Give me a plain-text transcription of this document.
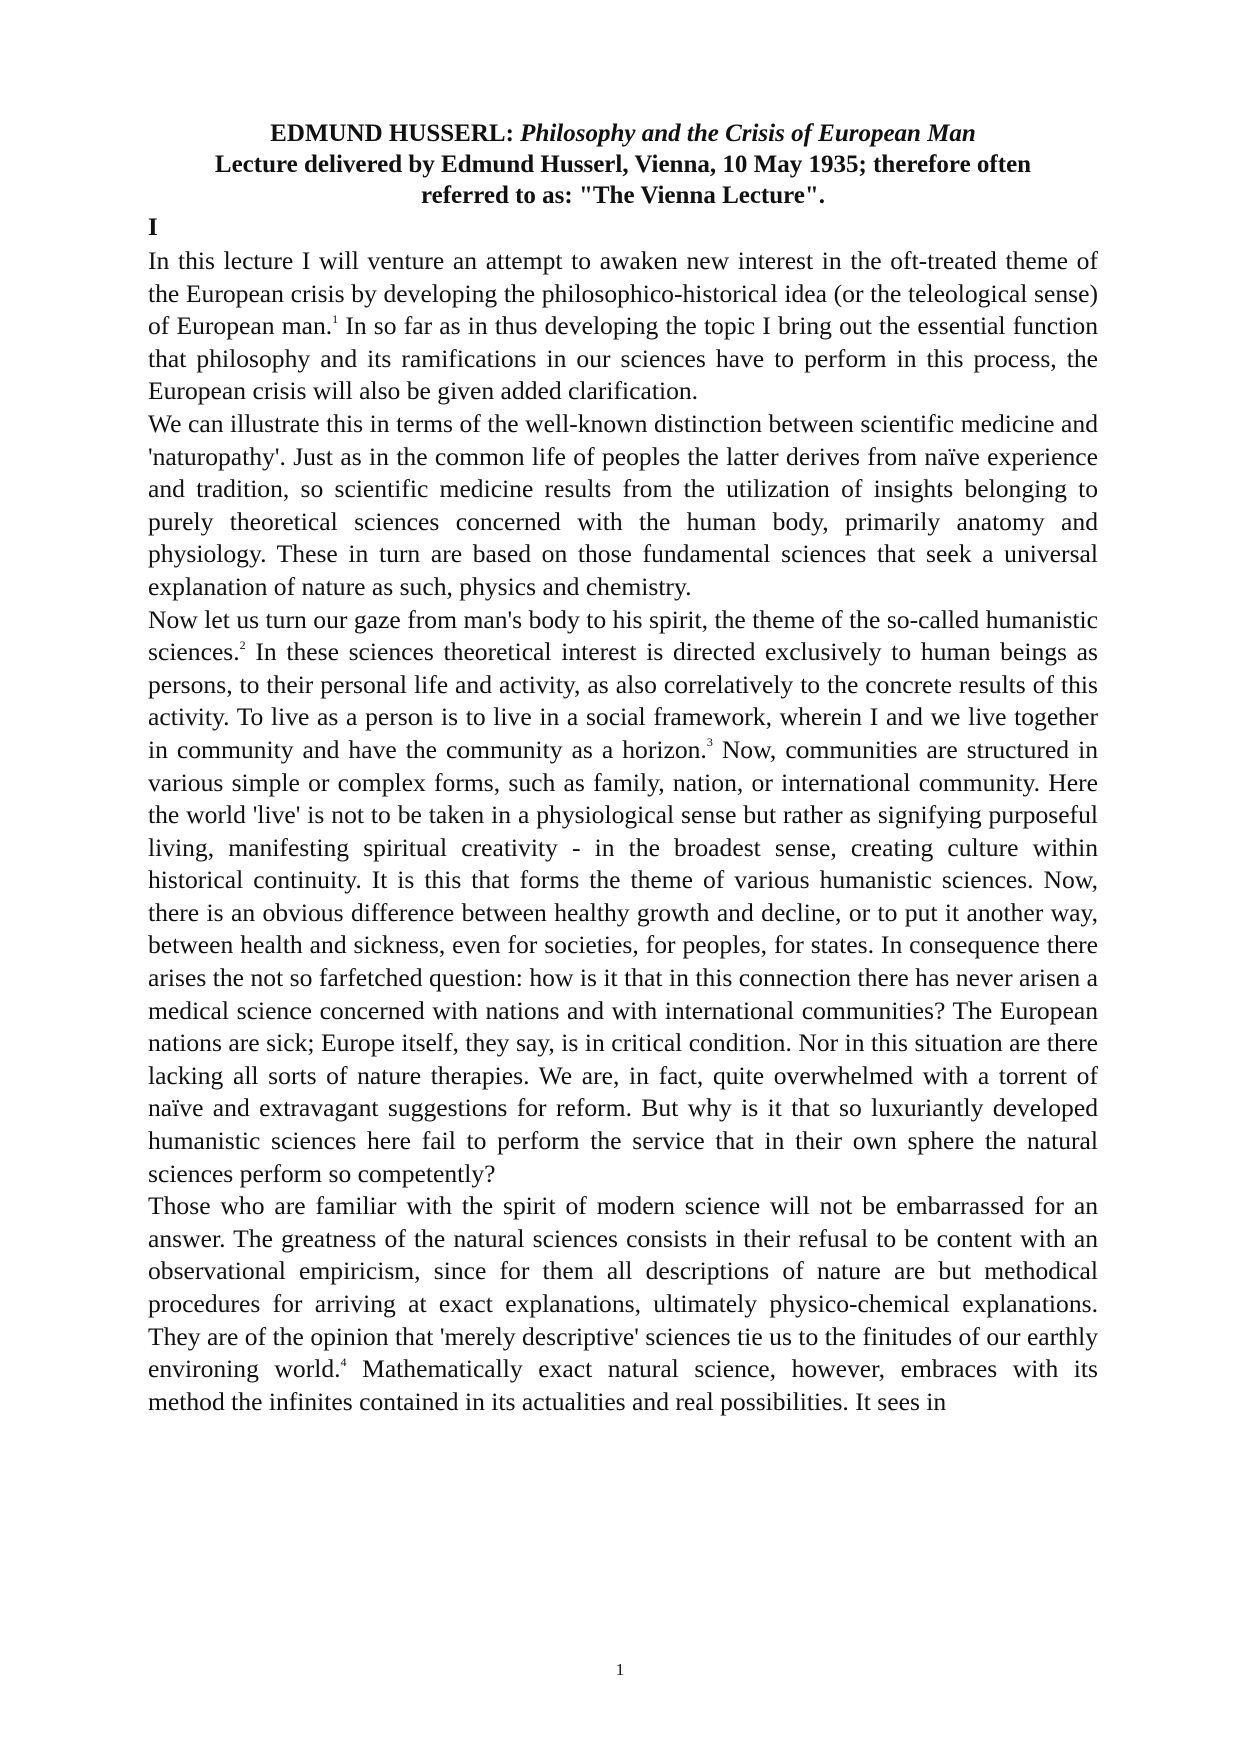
EDMUND HUSSERL: Philosophy and the Crisis of European Man
Lecture delivered by Edmund Husserl, Vienna, 10 May 1935; therefore often
referred to as: "The Vienna Lecture".
I

In this lecture I will venture an attempt to awaken new interest in the oft-treated theme of the European crisis by developing the philosophico-historical idea (or the teleological sense) of European man.$^1$ In so far as in thus developing the topic I bring out the essential function that philosophy and its ramifications in our sciences have to perform in this process, the European crisis will also be given added clarification.

We can illustrate this in terms of the well-known distinction between scientific medicine and 'naturopathy'. Just as in the common life of peoples the latter derives from naïve experience and tradition, so scientific medicine results from the utilization of insights belonging to purely theoretical sciences concerned with the human body, primarily anatomy and physiology. These in turn are based on those fundamental sciences that seek a universal explanation of nature as such, physics and chemistry.

Now let us turn our gaze from man's body to his spirit, the theme of the so-called humanistic sciences.$^2$ In these sciences theoretical interest is directed exclusively to human beings as persons, to their personal life and activity, as also correlatively to the concrete results of this activity. To live as a person is to live in a social framework, wherein I and we live together in community and have the community as a horizon.$^3$ Now, communities are structured in various simple or complex forms, such as family, nation, or international community. Here the world 'live' is not to be taken in a physiological sense but rather as signifying purposeful living, manifesting spiritual creativity - in the broadest sense, creating culture within historical continuity. It is this that forms the theme of various humanistic sciences. Now, there is an obvious difference between healthy growth and decline, or to put it another way, between health and sickness, even for societies, for peoples, for states. In consequence there arises the not so farfetched question: how is it that in this connection there has never arisen a medical science concerned with nations and with international communities? The European nations are sick; Europe itself, they say, is in critical condition. Nor in this situation are there lacking all sorts of nature therapies. We are, in fact, quite overwhelmed with a torrent of naïve and extravagant suggestions for reform. But why is it that so luxuriantly developed humanistic sciences here fail to perform the service that in their own sphere the natural sciences perform so competently?

Those who are familiar with the spirit of modern science will not be embarrassed for an answer. The greatness of the natural sciences consists in their refusal to be content with an observational empiricism, since for them all descriptions of nature are but methodical procedures for arriving at exact explanations, ultimately physico-chemical explanations. They are of the opinion that 'merely descriptive' sciences tie us to the finitudes of our earthly environing world.$^4$ Mathematically exact natural science, however, embraces with its method the infinites contained in its actualities and real possibilities. It sees in

1
